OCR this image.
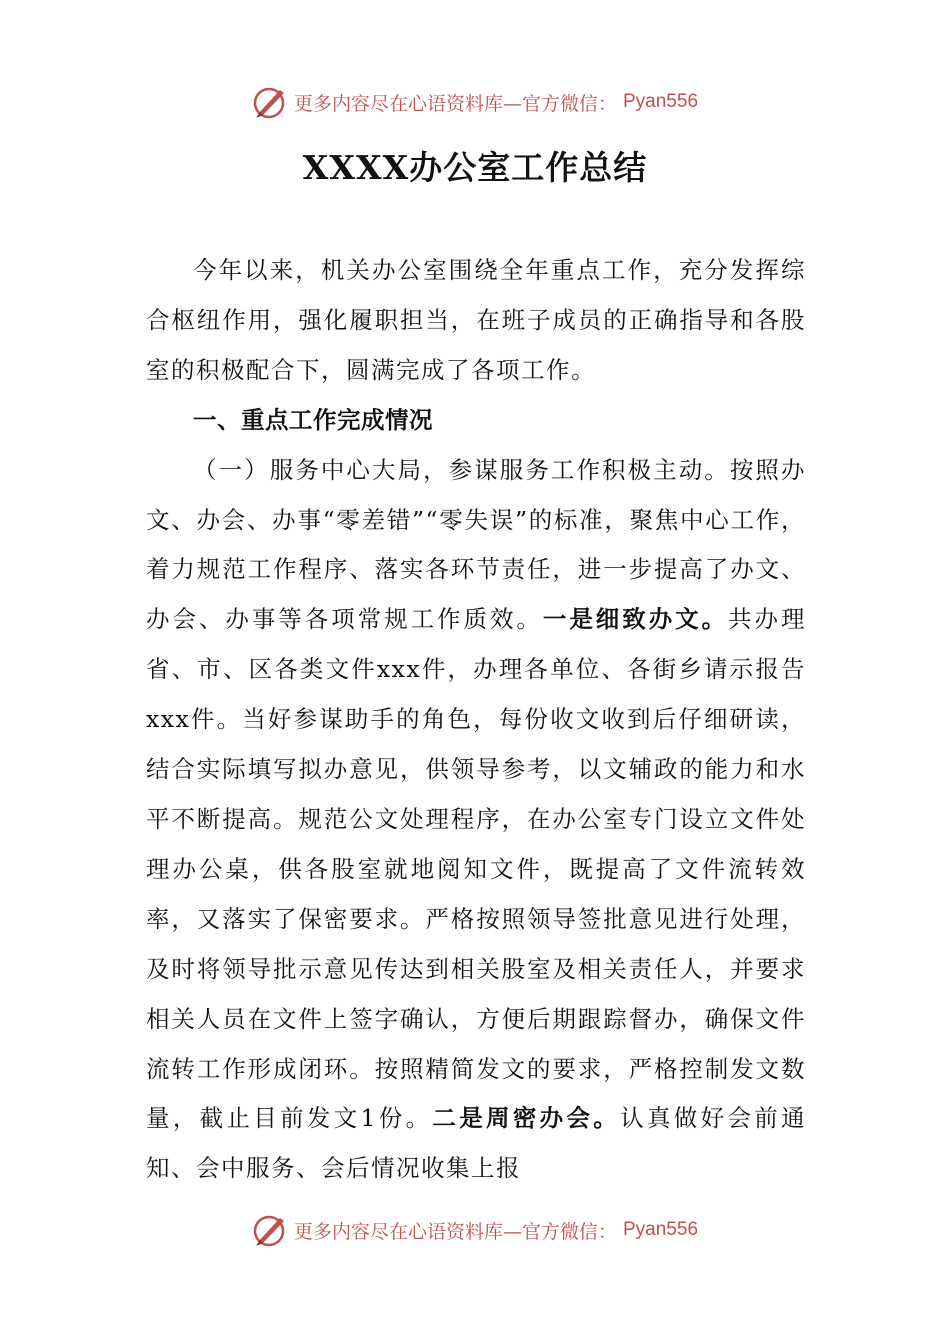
更多内容尽在心语资料库—官方微信： Pyan556
XXXX办公室工作总结

今年以来，机关办公室围绕全年重点工作，充分发挥综合枢纽作用，强化履职担当，在班子成员的正确指导和各股室的积极配合下，圆满完成了各项工作。

一、重点工作完成情况

（一）服务中心大局，参谋服务工作积极主动。按照办文、办会、办事“零差错”“零失误”的标准，聚焦中心工作，着力规范工作程序、落实各环节责任，进一步提高了办文、办会、办事等各项常规工作质效。一是细致办文。共办理省、市、区各类文件xxx件，办理各单位、各街乡请示报告xxx件。当好参谋助手的角色，每份收文收到后仔细研读，结合实际填写拟办意见，供领导参考，以文辅政的能力和水平不断提高。规范公文处理程序，在办公室专门设立文件处理办公桌，供各股室就地阅知文件，既提高了文件流转效率，又落实了保密要求。严格按照领导签批意见进行处理，及时将领导批示意见传达到相关股室及相关责任人，并要求相关人员在文件上签字确认，方便后期跟踪督办，确保文件流转工作形成闭环。按照精简发文的要求，严格控制发文数量，截止目前发文1份。二是周密办会。认真做好会前通知、会中服务、会后情况收集上报

更多内容尽在心语资料库—官方微信： Pyan556
